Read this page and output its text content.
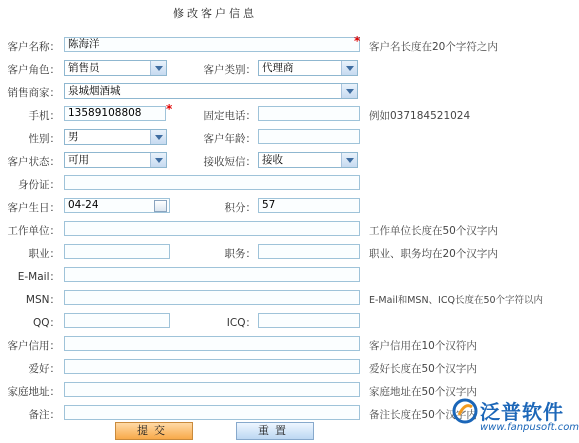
修改客户信息
客户名称： 陈海洋	* 客户名长度在20个字符之内
客户角色： 销售员	客户类别： 代理商
销售商家： 泉城烟酒城
手机： 13589108808	*	固定电话：	例如037184521024
性别： 男	客户年龄：
客户状态： 可用	接收短信： 接收
身份证：
客户生日： 04-24	积分： 57
工作单位：	工作单位长度在50个汉字内
职业：	职务：	职业、职务均在20个汉字内
E-Mail：
MSN：	E-Mail和MSN、ICQ长度在50个字符以内
QQ：	ICQ：
客户信用：	客户信用在10个汉符内
爱好：	爱好长度在50个汉字内
家庭地址：	家庭地址在50个汉字内
备注：	备注长度在50个汉字内
提交	重置
泛普软件
www.fanpusoft.com
